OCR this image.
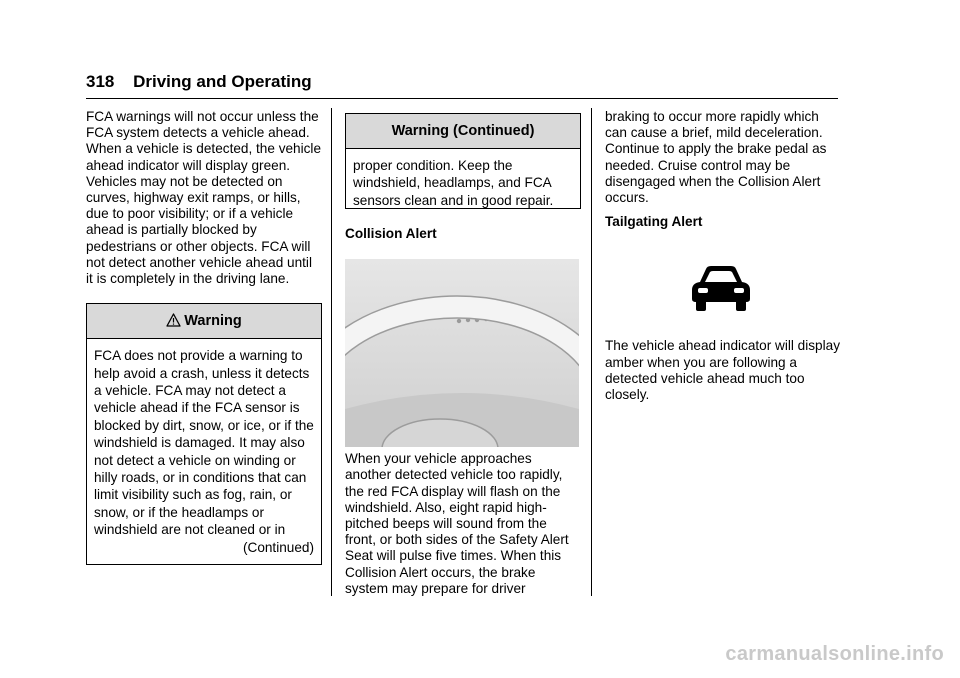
318 Driving and Operating

FCA warnings will not occur unless the FCA system detects a vehicle ahead. When a vehicle is detected, the vehicle ahead indicator will display green. Vehicles may not be detected on curves, highway exit ramps, or hills, due to poor visibility; or if a vehicle ahead is partially blocked by pedestrians or other objects. FCA will not detect another vehicle ahead until it is completely in the driving lane.

Warning

FCA does not provide a warning to help avoid a crash, unless it detects a vehicle. FCA may not detect a vehicle ahead if the FCA sensor is blocked by dirt, snow, or ice, or if the windshield is damaged. It may also not detect a vehicle on winding or hilly roads, or in conditions that can limit visibility such as fog, rain, or snow, or if the headlamps or windshield are not cleaned or in

(Continued)

Warning (Continued)

proper condition. Keep the windshield, headlamps, and FCA sensors clean and in good repair.

Collision Alert

When your vehicle approaches another detected vehicle too rapidly, the red FCA display will flash on the windshield. Also, eight rapid high-pitched beeps will sound from the front, or both sides of the Safety Alert Seat will pulse five times. When this Collision Alert occurs, the brake system may prepare for driver

braking to occur more rapidly which can cause a brief, mild deceleration. Continue to apply the brake pedal as needed. Cruise control may be disengaged when the Collision Alert occurs.

Tailgating Alert

The vehicle ahead indicator will display amber when you are following a detected vehicle ahead much too closely.

carmanualsonline.info
